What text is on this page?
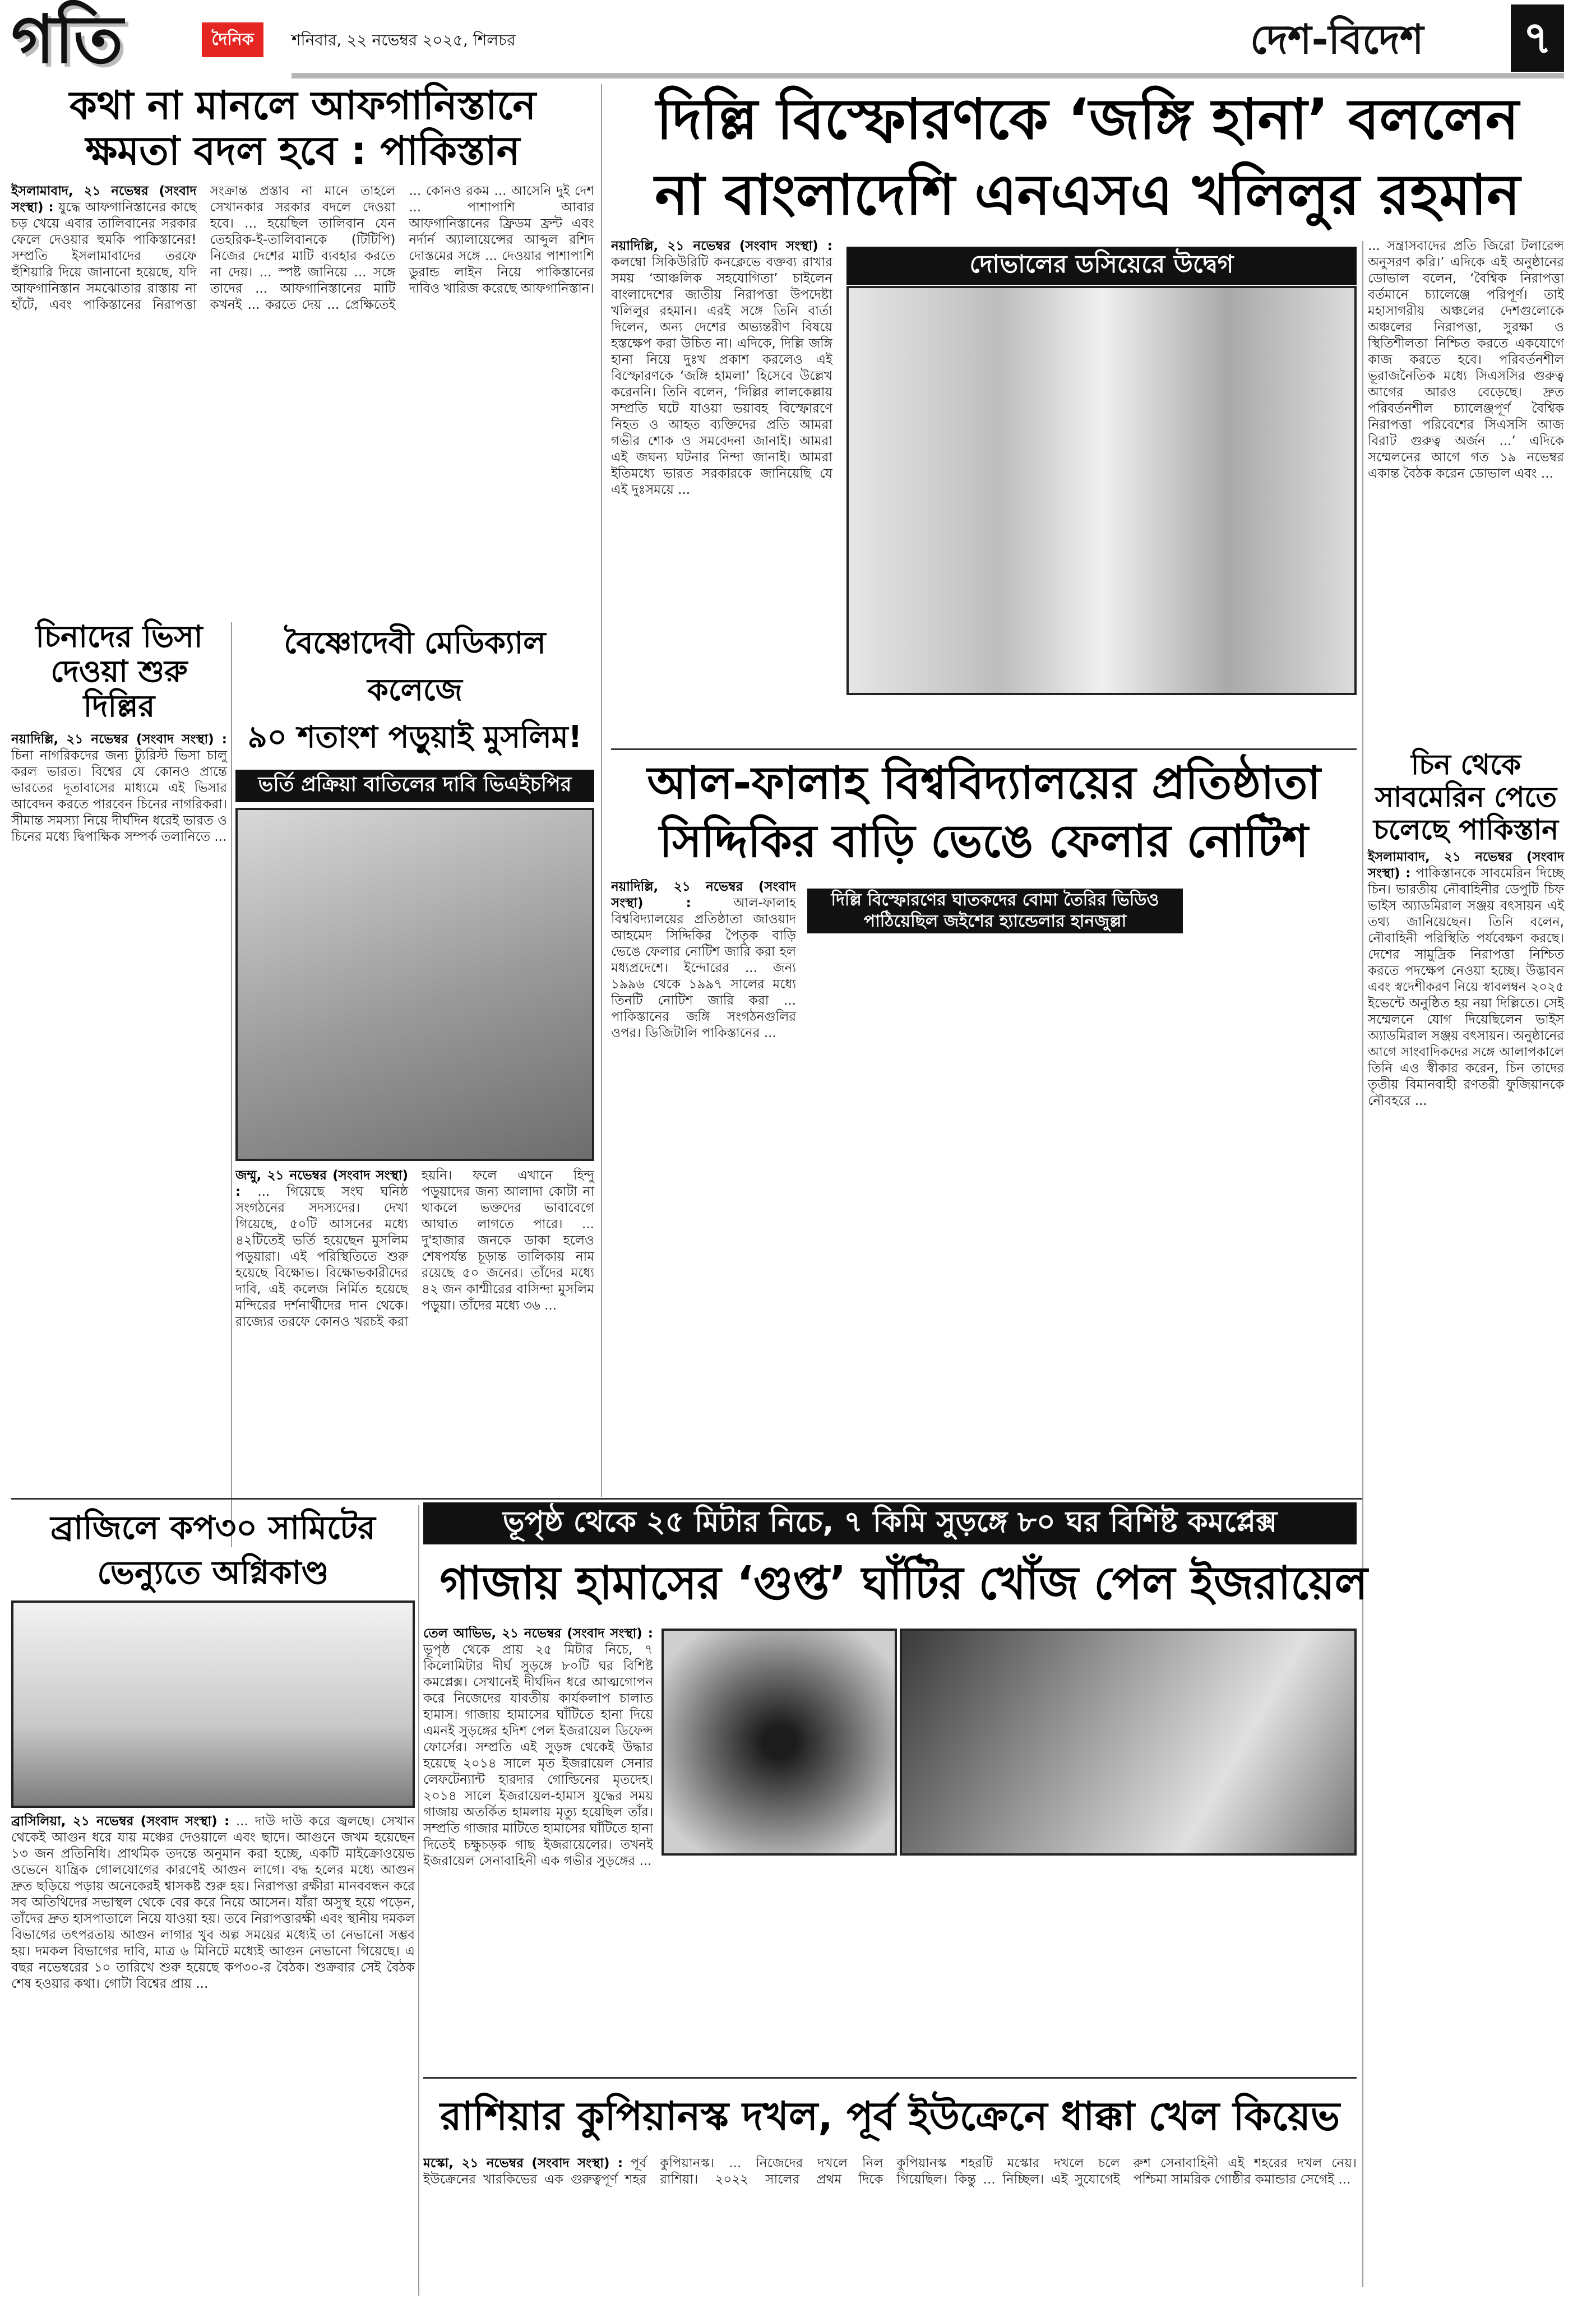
গতি	দৈনিক শনিবার, ২২ নভেম্বর ২০২৫, শিলচর	দেশ-বিদেশ ৭
কথা না মানলে আফগানিস্তানে
ক্ষমতা বদল হবে : পাকিস্তান

ইসলামাবাদ, ২১ নভেম্বর (সংবাদ সংস্থা) : যুদ্ধে আফগানিস্তানের কাছে চড় খেয়ে এবার তালিবানের সরকার ফেলে দেওয়ার হুমকি পাকিস্তানের! সম্প্রতি ইসলামাবাদের তরফে হুঁশিয়ারি দিয়ে জানানো হয়েছে, যদি আফগানিস্তান সমঝোতার রাস্তায় না হাঁটে, এবং পাকিস্তানের নিরাপত্তা সংক্রান্ত প্রস্তাব না মানে তাহলে সেখানকার সরকার বদলে দেওয়া হবে। ... হয়েছিল তালিবান যেন তেহরিক-ই-তালিবানকে (টিটিপি) নিজের দেশের মাটি ব্যবহার করতে না দেয়। ... স্পষ্ট জানিয়ে ... সঙ্গে তাদের ... আফগানিস্তানের মাটি কখনই ... করতে দেয় ... প্রেক্ষিতেই ... কোনও রকম ... আসেনি দুই দেশ ... পাশাপাশি আবার আফগানিস্তানের ফ্রিডম ফ্রন্ট এবং নর্দার্ন অ্যালায়েন্সের আব্দুল রশিদ দোস্তমের সঙ্গে ... দেওয়ার পাশাপাশি ডুরান্ড লাইন নিয়ে পাকিস্তানের দাবিও খারিজ করেছে আফগানিস্তান।

চিনাদের ভিসা
দেওয়া শুরু দিল্লির

নয়াদিল্লি, ২১ নভেম্বর (সংবাদ সংস্থা) : চিনা নাগরিকদের জন্য ট্যুরিস্ট ভিসা চালু করল ভারত। বিশ্বের যে কোনও প্রান্তে ভারতের দূতাবাসের মাধ্যমে এই ভিসার আবেদন করতে পারবেন চিনের নাগরিকরা। সীমান্ত সমস্যা নিয়ে দীর্ঘদিন ধরেই ভারত ও চিনের মধ্যে দ্বিপাক্ষিক সম্পর্ক তলানিতে ...

বৈষ্ণোদেবী মেডিক্যাল কলেজে
৯০ শতাংশ পড়ুয়াই মুসলিম!
ভর্তি প্রক্রিয়া বাতিলের দাবি ভিএইচপির

জম্মু, ২১ নভেম্বর (সংবাদ সংস্থা) : ... গিয়েছে সংঘ ঘনিষ্ঠ সংগঠনের সদস্যদের। দেখা গিয়েছে, ৫০টি আসনের মধ্যে ৪২টিতেই ভর্তি হয়েছেন মুসলিম পড়ুয়ারা। এই পরিস্থিতিতে শুরু হয়েছে বিক্ষোভ। বিক্ষোভকারীদের দাবি, এই কলেজ নির্মিত হয়েছে মন্দিরের দর্শনার্থীদের দান থেকে। রাজ্যের তরফে কোনও খরচই করা হয়নি। ফলে এখানে হিন্দু পড়ুয়াদের জন্য আলাদা কোটা না থাকলে ভক্তদের ভাবাবেগে আঘাত লাগতে পারে। ... দু'হাজার জনকে ডাকা হলেও শেষপর্যন্ত চূড়ান্ত তালিকায় নাম রয়েছে ৫০ জনের। তাঁদের মধ্যে ৪২ জন কাশ্মীরের বাসিন্দা মুসলিম পড়ুয়া। তাঁদের মধ্যে ৩৬ ...

দিল্লি বিস্ফোরণকে ‘জঙ্গি হানা’ বললেন
না বাংলাদেশি এনএসএ খলিলুর রহমান

নয়াদিল্লি, ২১ নভেম্বর (সংবাদ সংস্থা) : কলম্বো সিকিউরিটি কনক্লেভে বক্তব্য রাখার সময় ‘আঞ্চলিক সহযোগিতা’ চাইলেন বাংলাদেশের জাতীয় নিরাপত্তা উপদেষ্টা খলিলুর রহমান। এরই সঙ্গে তিনি বার্তা দিলেন, অন্য দেশের অভ্যন্তরীণ বিষয়ে হস্তক্ষেপ করা উচিত না। এদিকে, দিল্লি জঙ্গি হানা নিয়ে দুঃখ প্রকাশ করলেও এই বিস্ফোরণকে ‘জঙ্গি হামলা’ হিসেবে উল্লেখ করেননি। তিনি বলেন, ‘দিল্লির লালকেল্লায় সম্প্রতি ঘটে যাওয়া ভয়াবহ বিস্ফোরণে নিহত ও আহত ব্যক্তিদের প্রতি আমরা গভীর শোক ও সমবেদনা জানাই। আমরা এই জঘন্য ঘটনার নিন্দা জানাই। আমরা ইতিমধ্যে ভারত সরকারকে জানিয়েছি যে এই দুঃসময়ে ...

দোভালের ডসিয়েরে উদ্বেগ

... সন্ত্রাসবাদের প্রতি জিরো টলারেন্স অনুসরণ করি।’ এদিকে এই অনুষ্ঠানের ডোভাল বলেন, ‘বৈশ্বিক নিরাপত্তা বর্তমানে চ্যালেঞ্জে পরিপূর্ণ। তাই মহাসাগরীয় অঞ্চলের দেশগুলোকে অঞ্চলের নিরাপত্তা, সুরক্ষা ও স্থিতিশীলতা নিশ্চিত করতে একযোগে কাজ করতে হবে। পরিবর্তনশীল ভূরাজনৈতিক মধ্যে সিএসসির গুরুত্ব আগের আরও বেড়েছে। দ্রুত পরিবর্তনশীল চ্যালেঞ্জপূর্ণ বৈশ্বিক নিরাপত্তা পরিবেশের সিএসসি আজ বিরাট গুরুত্ব অর্জন ...’ এদিকে সম্মেলনের আগে গত ১৯ নভেম্বর একান্ত বৈঠক করেন ডোভাল এবং ...

আল-ফালাহ বিশ্ববিদ্যালয়ের প্রতিষ্ঠাতা
সিদ্দিকির বাড়ি ভেঙে ফেলার নোটিশ

নয়াদিল্লি, ২১ নভেম্বর (সংবাদ সংস্থা) :	আল-ফালাহ বিশ্ববিদ্যালয়ের প্রতিষ্ঠাতা জাওয়াদ আহমেদ সিদ্দিকির পৈতৃক বাড়ি ভেঙে ফেলার নোটিশ জারি করা হল মধ্যপ্রদেশে। ইন্দোরের ... জন্য ১৯৯৬ থেকে ১৯৯৭ সালের মধ্যে তিনটি নোটিশ জারি করা ... পাকিস্তানের জঙ্গি সংগঠনগুলির ওপর। ডিজিটালি পাকিস্তানের ...

দিল্লি বিস্ফোরণের ঘাতকদের বোমা তৈরির ভিডিও
পাঠিয়েছিল জইশের হ্যান্ডেলার হানজুল্লা
চিন থেকে
সাবমেরিন পেতে
চলেছে পাকিস্তান

ইসলামাবাদ, ২১ নভেম্বর (সংবাদ সংস্থা) : পাকিস্তানকে সাবমেরিন দিচ্ছে চিন। ভারতীয় নৌবাহিনীর ডেপুটি চিফ ভাইস অ্যাডমিরাল সঞ্জয় বৎসায়ন এই তথ্য জানিয়েছেন। তিনি বলেন, নৌবাহিনী পরিস্থিতি পর্যবেক্ষণ করছে। দেশের সামুদ্রিক নিরাপত্তা নিশ্চিত করতে পদক্ষেপ নেওয়া হচ্ছে। উদ্ভাবন এবং স্বদেশীকরণ নিয়ে স্বাবলম্বন ২০২৫ ইভেন্টে অনুষ্ঠিত হয় নয়া দিল্লিতে। সেই সম্মেলনে যোগ দিয়েছিলেন ভাইস অ্যাডমিরাল সঞ্জয় বৎসায়ন। অনুষ্ঠানের আগে সাংবাদিকদের সঙ্গে আলাপকালে তিনি এও স্বীকার করেন, চিন তাদের তৃতীয় বিমানবাহী রণতরী ফুজিয়ানকে নৌবহরে ...

ব্রাজিলে কপ৩০ সামিটের
ভেন্যুতে অগ্নিকাণ্ড

ব্রাসিলিয়া, ২১ নভেম্বর (সংবাদ সংস্থা) : ... দাউ দাউ করে জ্বলছে। সেখান থেকেই আগুন ধরে যায় মঞ্চের দেওয়ালে এবং ছাদে। আগুনে জখম হয়েছেন ১৩ জন প্রতিনিধি। প্রাথমিক তদন্তে অনুমান করা হচ্ছে, একটি মাইক্রোওয়েভ ওভেনে যান্ত্রিক গোলযোগের কারণেই আগুন লাগে। বদ্ধ হলের মধ্যে আগুন দ্রুত ছড়িয়ে পড়ায় অনেকেরই শ্বাসকষ্ট শুরু হয়। নিরাপত্তা রক্ষীরা মানববন্ধন করে সব অতিথিদের সভাস্থল থেকে বের করে নিয়ে আসেন। যাঁরা অসুস্থ হয়ে পড়েন, তাঁদের দ্রুত হাসপাতালে নিয়ে যাওয়া হয়। তবে নিরাপত্তারক্ষী এবং স্থানীয় দমকল বিভাগের তৎপরতায় আগুন লাগার খুব অল্প সময়ের মধ্যেই তা নেভানো সম্ভব হয়। দমকল বিভাগের দাবি, মাত্র ৬ মিনিটে মধ্যেই আগুন নেভানো গিয়েছে। এ বছর নভেম্বরের ১০ তারিখে শুরু হয়েছে কপ৩০-র বৈঠক। শুক্রবার সেই বৈঠক শেষ হওয়ার কথা। গোটা বিশ্বের প্রায় ...

ভূপৃষ্ঠ থেকে ২৫ মিটার নিচে, ৭ কিমি সুড়ঙ্গে ৮০ ঘর বিশিষ্ট কমপ্লেক্স
গাজায় হামাসের ‘গুপ্ত’ ঘাঁটির খোঁজ পেল ইজরায়েল

তেল আভিভ, ২১ নভেম্বর (সংবাদ সংস্থা) : ভূপৃষ্ঠ থেকে প্রায় ২৫ মিটার নিচে, ৭ কিলোমিটার দীর্ঘ সুড়ঙ্গে ৮০টি ঘর বিশিষ্ট কমপ্লেক্স। সেখানেই দীর্ঘদিন ধরে আত্মগোপন করে নিজেদের যাবতীয় কার্যকলাপ চালাত হামাস। গাজায় হামাসের ঘাঁটিতে হানা দিয়ে এমনই সুড়ঙ্গের হদিশ পেল ইজরায়েল ডিফেন্স ফোর্সের। সম্প্রতি এই সুড়ঙ্গ থেকেই উদ্ধার হয়েছে ২০১৪ সালে মৃত ইজরায়েল সেনার লেফটেন্যান্ট হারদার গোল্ডিনের মৃতদেহ। ২০১৪ সালে ইজরায়েল-হামাস যুদ্ধের সময় গাজায় অতর্কিত হামলায় মৃত্যু হয়েছিল তাঁর। সম্প্রতি গাজার মাটিতে হামাসের ঘাঁটিতে হানা দিতেই চক্ষুচড়ক গাছ ইজরায়েলের। তখনই ইজরায়েল সেনাবাহিনী এক গভীর সুড়ঙ্গের ...

রাশিয়ার কুপিয়ানস্ক দখল, পূর্ব ইউক্রেনে ধাক্কা খেল কিয়েভ

মস্কো, ২১ নভেম্বর (সংবাদ সংস্থা) : পূর্ব ইউক্রেনের খারকিভের এক গুরুত্বপূর্ণ শহর কুপিয়ানস্ক। ... নিজেদের দখলে নিল রাশিয়া। ২০২২ সালের প্রথম দিকে কুপিয়ানস্ক শহরটি মস্কোর দখলে চলে গিয়েছিল। কিন্তু ... নিচ্ছিল। এই সুযোগেই রুশ সেনাবাহিনী এই শহরের দখল নেয়। পশ্চিমা সামরিক গোষ্ঠীর কমান্ডার সেগেই ...
